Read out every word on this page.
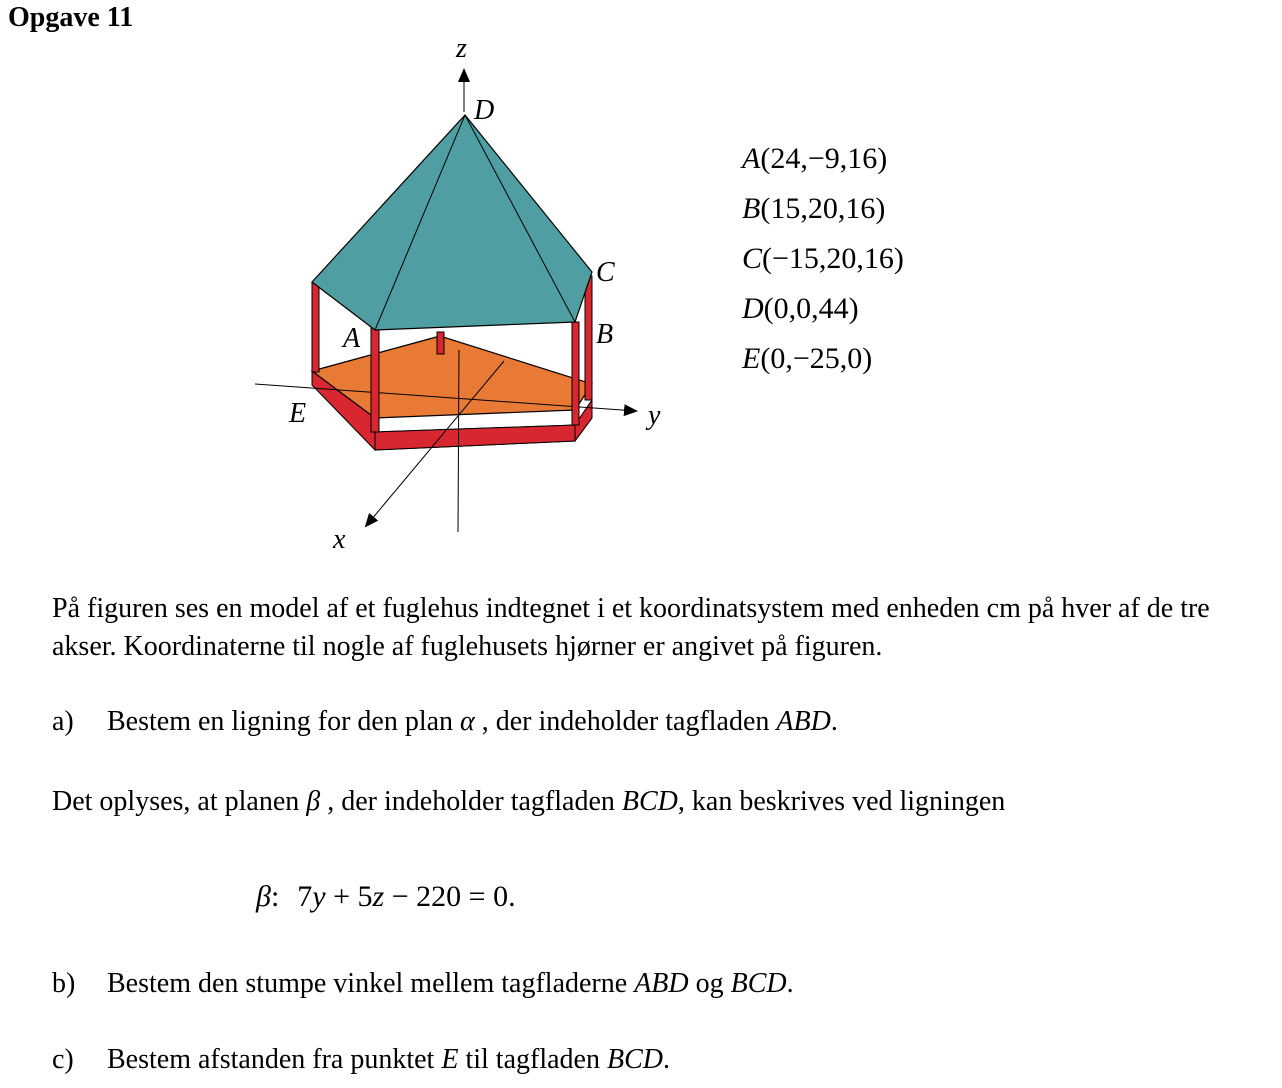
Opgave 11
z
y
x
D
C
B
A
E
A(24,−9,16)
B(15,20,16)
C(−15,20,16)
D(0,0,44)
E(0,−25,0)
På figuren ses en model af et fuglehus indtegnet i et koordinatsystem med enheden cm på hver af de tre akser. Koordinaterne til nogle af fuglehusets hjørner er angivet på figuren.
a) Bestem en ligning for den plan α , der indeholder tagfladen ABD.
Det oplyses, at planen β , der indeholder tagfladen BCD, kan beskrives ved ligningen
β: 7y + 5z − 220 = 0.
b) Bestem den stumpe vinkel mellem tagfladerne ABD og BCD.
c) Bestem afstanden fra punktet E til tagfladen BCD.
